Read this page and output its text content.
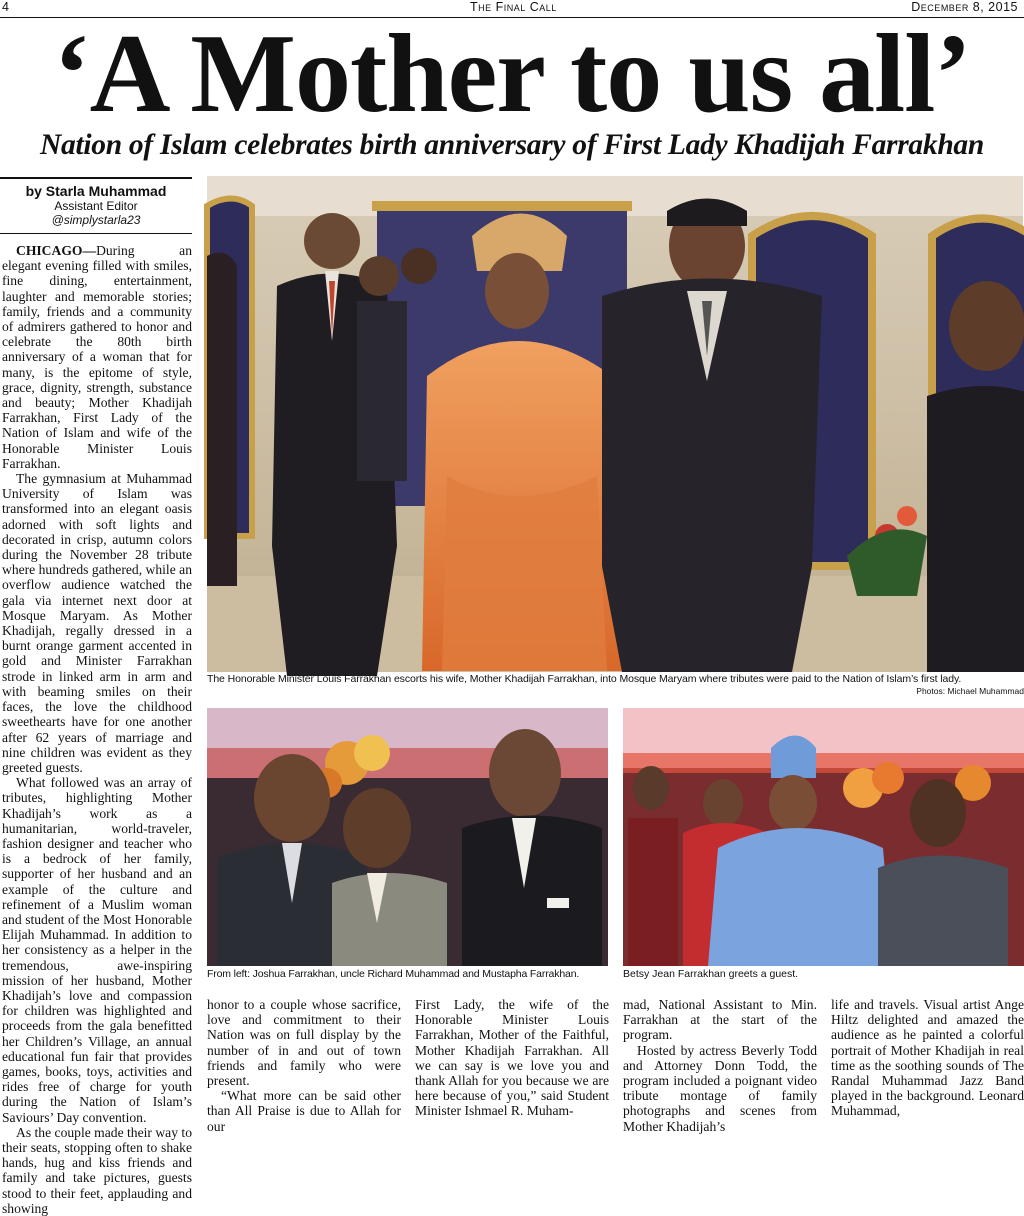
4	The Final Call	December 8, 2015
‘A Mother to us all’
Nation of Islam celebrates birth anniversary of First Lady Khadijah Farrakhan
by Starla Muhammad
Assistant Editor
@simplystarla23

CHICAGO—During an elegant evening filled with smiles, fine dining, entertainment, laughter and memorable stories; family, friends and a community of admirers gathered to honor and celebrate the 80th birth anniversary of a woman that for many, is the epitome of style, grace, dignity, strength, substance and beauty; Mother Khadijah Farrakhan, First Lady of the Nation of Islam and wife of the Honorable Minister Louis Farrakhan.

The gymnasium at Muhammad University of Islam was transformed into an elegant oasis adorned with soft lights and decorated in crisp, autumn colors during the November 28 tribute where hundreds gathered, while an overflow audience watched the gala via internet next door at Mosque Maryam. As Mother Khadijah, regally dressed in a burnt orange garment accented in gold and Minister Farrakhan strode in linked arm in arm and with beaming smiles on their faces, the love the childhood sweethearts have for one another after 62 years of marriage and nine children was evident as they greeted guests.

What followed was an array of tributes, highlighting Mother Khadijah’s work as a humanitarian, world-traveler, fashion designer and teacher who is a bedrock of her family, supporter of her husband and an example of the culture and refinement of a Muslim woman and student of the Most Honorable Elijah Muhammad. In addition to her consistency as a helper in the tremendous, awe-inspiring mission of her husband, Mother Khadijah’s love and compassion for children was highlighted and proceeds from the gala benefitted her Children’s Village, an annual educational fun fair that provides games, books, toys, activities and rides free of charge for youth during the Nation of Islam’s Saviours’ Day convention.

As the couple made their way to their seats, stopping often to shake hands, hug and kiss friends and family and take pictures, guests stood to their feet, applauding and showing

The Honorable Minister Louis Farrakhan escorts his wife, Mother Khadijah Farrakhan, into Mosque Maryam where tributes were paid to the Nation of Islam’s first lady.
Photos: Michael Muhammad
From left: Joshua Farrakhan, uncle Richard Muhammad and Mustapha Farrakhan.	Betsy Jean Farrakhan greets a guest.

honor to a couple whose sacrifice, love and commitment to their Nation was on full display by the number of in and out of town friends and family who were present.

“What more can be said other than All Praise is due to Allah for our

First Lady, the wife of the Honorable Minister Louis Farrakhan, Mother of the Faithful, Mother Khadijah Farrakhan. All we can say is we love you and thank Allah for you because we are here because of you,” said Student Minister Ishmael R. Muham-

mad, National Assistant to Min. Farrakhan at the start of the program.

Hosted by actress Beverly Todd and Attorney Donn Todd, the program included a poignant video tribute montage of family photographs and scenes from Mother Khadijah’s

life and travels. Visual artist Ange Hiltz delighted and amazed the audience as he painted a colorful portrait of Mother Khadijah in real time as the soothing sounds of The Randal Muhammad Jazz Band played in the background. Leonard Muhammad,
